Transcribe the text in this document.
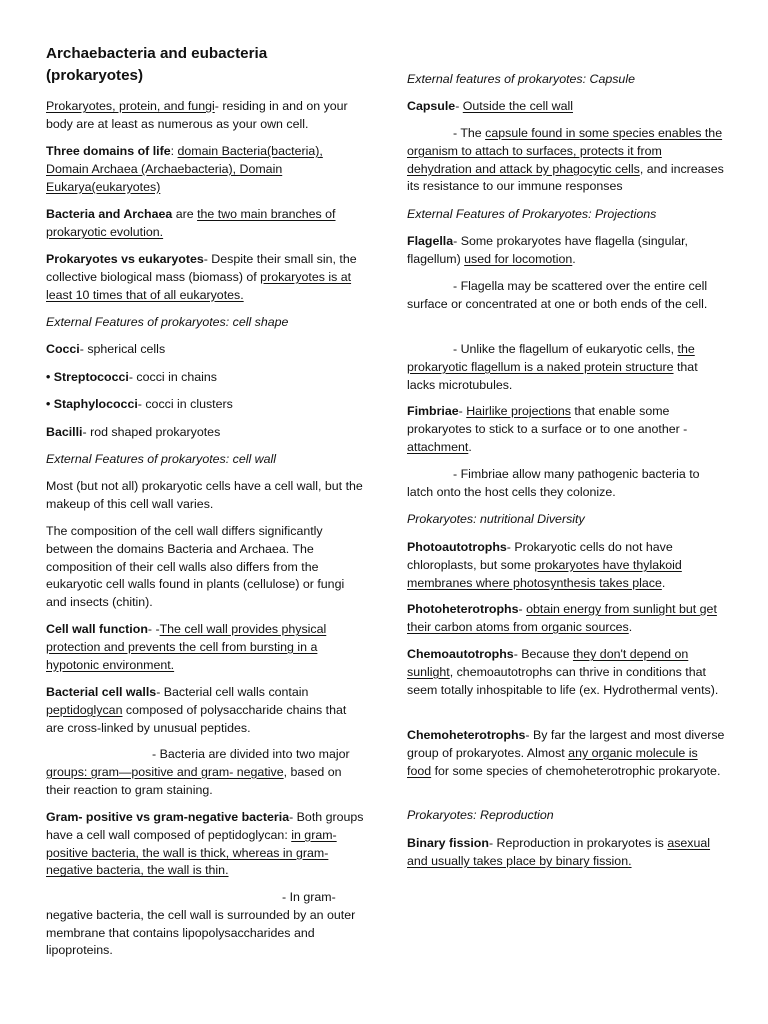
Archaebacteria and eubacteria (prokaryotes)

Prokaryotes, protein, and fungi- residing in and on your body are at least as numerous as your own cell.

Three domains of life: domain Bacteria(bacteria), Domain Archaea (Archaebacteria), Domain Eukarya(eukaryotes)

Bacteria and Archaea are the two main branches of prokaryotic evolution.

Prokaryotes vs eukaryotes- Despite their small sin, the collective biological mass (biomass) of prokaryotes is at least 10 times that of all eukaryotes.

External Features of prokaryotes: cell shape

Cocci- spherical cells

• Streptococci- cocci in chains

• Staphylococci- cocci in clusters

Bacilli- rod shaped prokaryotes

External Features of prokaryotes: cell wall

Most (but not all) prokaryotic cells have a cell wall, but the makeup of this cell wall varies.

The composition of the cell wall differs significantly between the domains Bacteria and Archaea. The composition of their cell walls also differs from the eukaryotic cell walls found in plants (cellulose) or fungi and insects (chitin).

Cell wall function- -The cell wall provides physical protection and prevents the cell from bursting in a hypotonic environment.

Bacterial cell walls- Bacterial cell walls contain peptidoglycan composed of polysaccharide chains that are cross-linked by unusual peptides.

- Bacteria are divided into two major groups: gram—positive and gram- negative, based on their reaction to gram staining.

Gram- positive vs gram-negative bacteria- Both groups have a cell wall composed of peptidoglycan: in gram-positive bacteria, the wall is thick, whereas in gram-negative bacteria, the wall is thin.

- In gram-negative bacteria, the cell wall is surrounded by an outer membrane that contains lipopolysaccharides and lipoproteins.

External features of prokaryotes: Capsule

Capsule- Outside the cell wall

- The capsule found in some species enables the organism to attach to surfaces, protects it from dehydration and attack by phagocytic cells, and increases its resistance to our immune responses

External Features of Prokaryotes: Projections

Flagella- Some prokaryotes have flagella (singular, flagellum) used for locomotion.

- Flagella may be scattered over the entire cell surface or concentrated at one or both ends of the cell.

- Unlike the flagellum of eukaryotic cells, the prokaryotic flagellum is a naked protein structure that lacks microtubules.

Fimbriae- Hairlike projections that enable some prokaryotes to stick to a surface or to one another - attachment.

- Fimbriae allow many pathogenic bacteria to latch onto the host cells they colonize.

Prokaryotes: nutritional Diversity

Photoautotrophs- Prokaryotic cells do not have chloroplasts, but some prokaryotes have thylakoid membranes where photosynthesis takes place.

Photoheterotrophs- obtain energy from sunlight but get their carbon atoms from organic sources.

Chemoautotrophs- Because they don't depend on sunlight, chemoautotrophs can thrive in conditions that seem totally inhospitable to life (ex. Hydrothermal vents).

Chemoheterotrophs- By far the largest and most diverse group of prokaryotes. Almost any organic molecule is food for some species of chemoheterotrophic prokaryote.

Prokaryotes: Reproduction

Binary fission- Reproduction in prokaryotes is asexual and usually takes place by binary fission.
